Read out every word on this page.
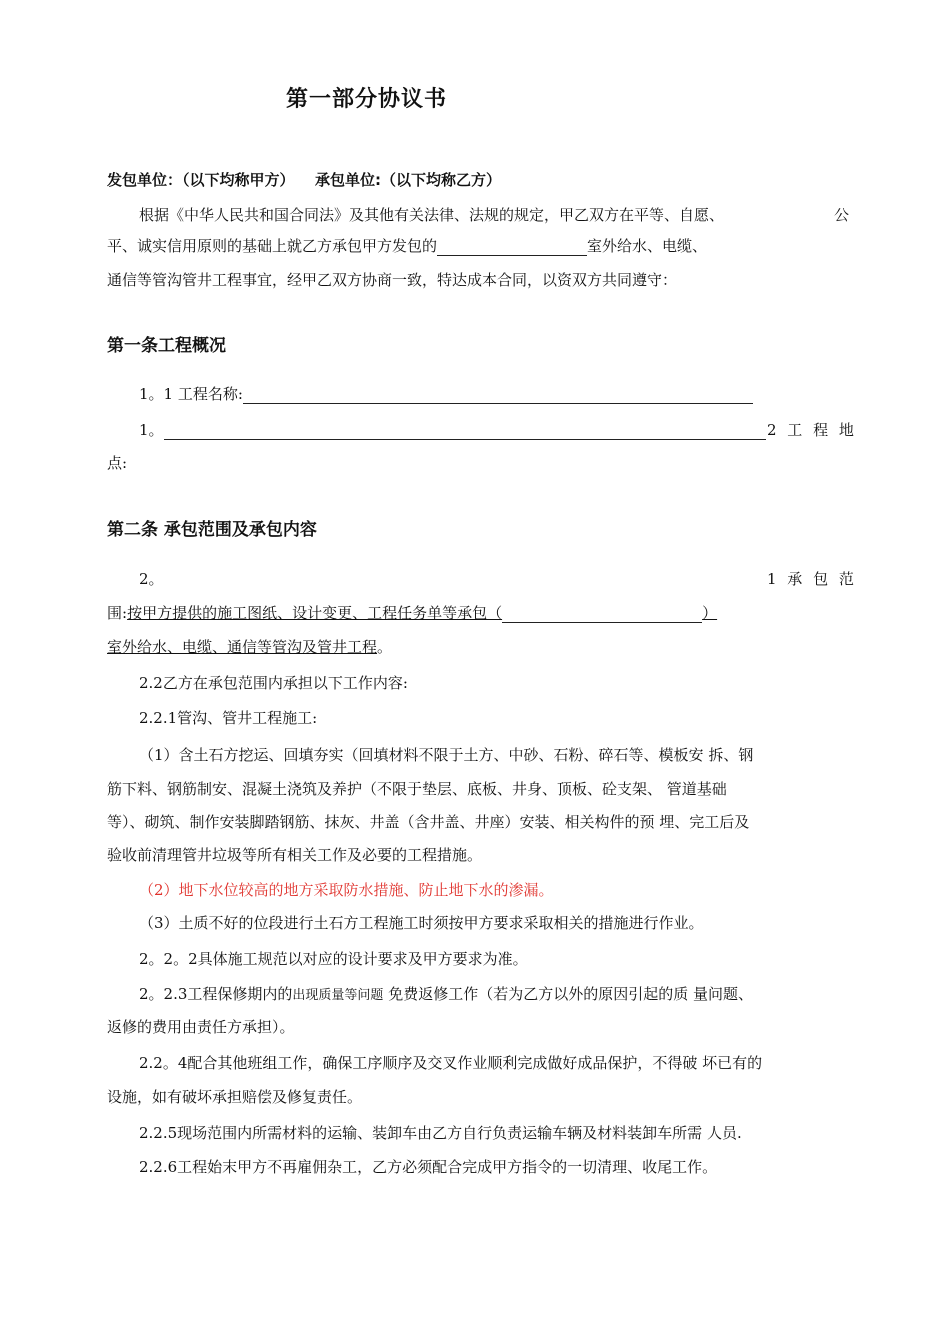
第一部分协议书
发包单位：（以下均称甲方） 承包单位:（以下均称乙方）
根据《中华人民共和国合同法》及其他有关法律、法规的规定，甲乙双方在平等、自愿、	公
平、诚实信用原则的基础上就乙方承包甲方发包的	室外给水、电缆、
通信等管沟管井工程事宜，经甲乙双方协商一致，特达成本合同，以资双方共同遵守：
第一条工程概况
1。1 工程名称:
1。	2 工 程 地
点:
第二条 承包范围及承包内容
2。	1 承 包 范
围:按甲方提供的施工图纸、设计变更、工程任务单等承包（	）
室外给水、电缆、通信等管沟及管井工程。
2.2乙方在承包范围内承担以下工作内容:
2.2.1管沟、管井工程施工:
（1）含土石方挖运、回填夯实（回填材料不限于土方、中砂、石粉、碎石等、模板安 拆、钢
筋下料、钢筋制安、混凝土浇筑及养护（不限于垫层、底板、井身、顶板、砼支架、 管道基础
等）、砌筑、制作安装脚踏钢筋、抹灰、井盖（含井盖、井座）安装、相关构件的预 埋、完工后及
验收前清理管井垃圾等所有相关工作及必要的工程措施。
（2）地下水位较高的地方采取防水措施、防止地下水的渗漏。
（3）土质不好的位段进行土石方工程施工时须按甲方要求采取相关的措施进行作业。
2。2。2具体施工规范以对应的设计要求及甲方要求为准。
2。2.3工程保修期内的出现质量等问题 免费返修工作（若为乙方以外的原因引起的质 量问题、
返修的费用由责任方承担）。
2.2。4配合其他班组工作，确保工序顺序及交叉作业顺利完成做好成品保护，不得破 坏已有的
设施，如有破坏承担赔偿及修复责任。
2.2.5现场范围内所需材料的运输、装卸车由乙方自行负责运输车辆及材料装卸车所需 人员.
2.2.6工程始末甲方不再雇佣杂工，乙方必须配合完成甲方指令的一切清理、收尾工作。
